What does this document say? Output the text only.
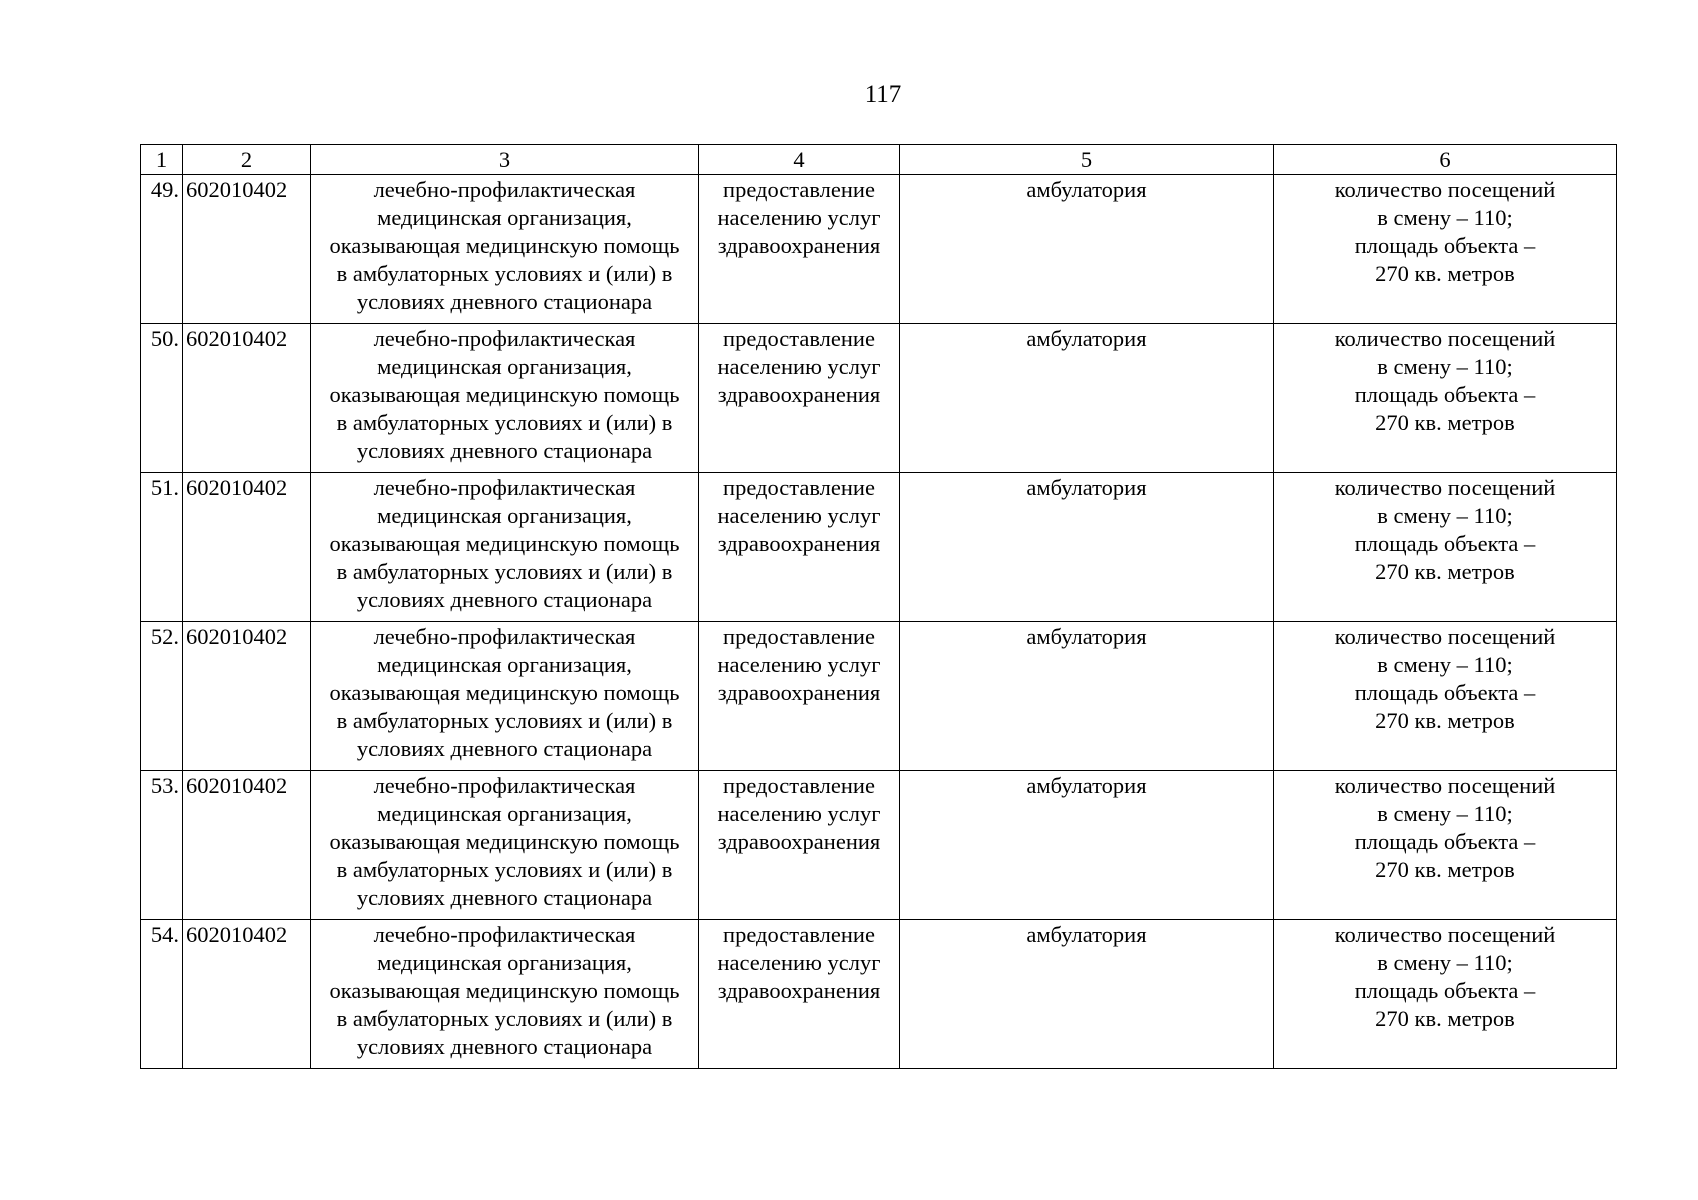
117
1	2	3	4	5	6

49.	602010402	лечебно-профилактическая
медицинская организация,
оказывающая медицинскую помощь
в амбулаторных условиях и (или) в
условиях дневного стационара	предоставление
населению услуг
здравоохранения	амбулатория	количество посещений
в смену – 110;
площадь объекта –
270 кв. метров

50.	602010402	лечебно-профилактическая
медицинская организация,
оказывающая медицинскую помощь
в амбулаторных условиях и (или) в
условиях дневного стационара	предоставление
населению услуг
здравоохранения	амбулатория	количество посещений
в смену – 110;
площадь объекта –
270 кв. метров

51.	602010402	лечебно-профилактическая
медицинская организация,
оказывающая медицинскую помощь
в амбулаторных условиях и (или) в
условиях дневного стационара	предоставление
населению услуг
здравоохранения	амбулатория	количество посещений
в смену – 110;
площадь объекта –
270 кв. метров

52.	602010402	лечебно-профилактическая
медицинская организация,
оказывающая медицинскую помощь
в амбулаторных условиях и (или) в
условиях дневного стационара	предоставление
населению услуг
здравоохранения	амбулатория	количество посещений
в смену – 110;
площадь объекта –
270 кв. метров

53.	602010402	лечебно-профилактическая
медицинская организация,
оказывающая медицинскую помощь
в амбулаторных условиях и (или) в
условиях дневного стационара	предоставление
населению услуг
здравоохранения	амбулатория	количество посещений
в смену – 110;
площадь объекта –
270 кв. метров

54.	602010402	лечебно-профилактическая
медицинская организация,
оказывающая медицинскую помощь
в амбулаторных условиях и (или) в
условиях дневного стационара	предоставление
населению услуг
здравоохранения	амбулатория	количество посещений
в смену – 110;
площадь объекта –
270 кв. метров
